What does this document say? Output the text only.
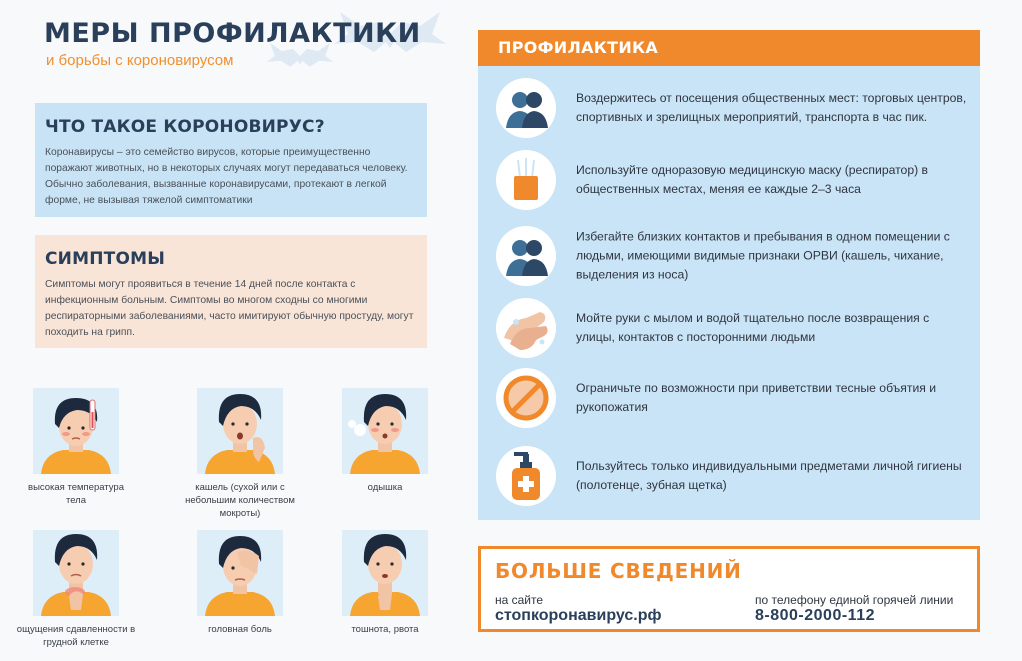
МЕРЫ ПРОФИЛАКТИКИ
и борьбы с короновирусом
ЧТО ТАКОЕ КОРОНОВИРУС?

Коронавирусы – это семейство вирусов, которые преимущественно поражают животных, но в некоторых случаях могут передаваться человеку. Обычно заболевания, вызванные коронавирусами, протекают в легкой форме, не вызывая тяжелой симптоматики

СИМПТОМЫ

Симптомы могут проявиться в течение 14 дней после контакта с инфекционным больным. Симптомы во многом сходны со многими респираторными заболеваниями, часто имитируют обычную простуду, могут походить на грипп.

высокая температура тела
кашель (сухой или с небольшим количеством мокроты)
одышка
ощущения сдавленности в грудной клетке
головная боль	тошнота, рвота
ПРОФИЛАКТИКА
Воздержитесь от посещения общественных мест: торговых центров, спортивных и зрелищных мероприятий, транспорта в час пик.
Используйте одноразовую медицинскую маску (респиратор) в общественных местах, меняя ее каждые 2–3 часа
Избегайте близких контактов и пребывания в одном помещении с людьми, имеющими видимые признаки ОРВИ (кашель, чихание, выделения из носа)
Мойте руки с мылом и водой тщательно после возвращения с улицы, контактов с посторонними людьми
Ограничьте по возможности при приветствии тесные объятия и рукопожатия
Пользуйтесь только индивидуальными предметами личной гигиены (полотенце, зубная щетка)
БОЛЬШЕ СВЕДЕНИЙ
на сайте
стопкоронавирус.рф
по телефону единой горячей линии
8-800-2000-112
